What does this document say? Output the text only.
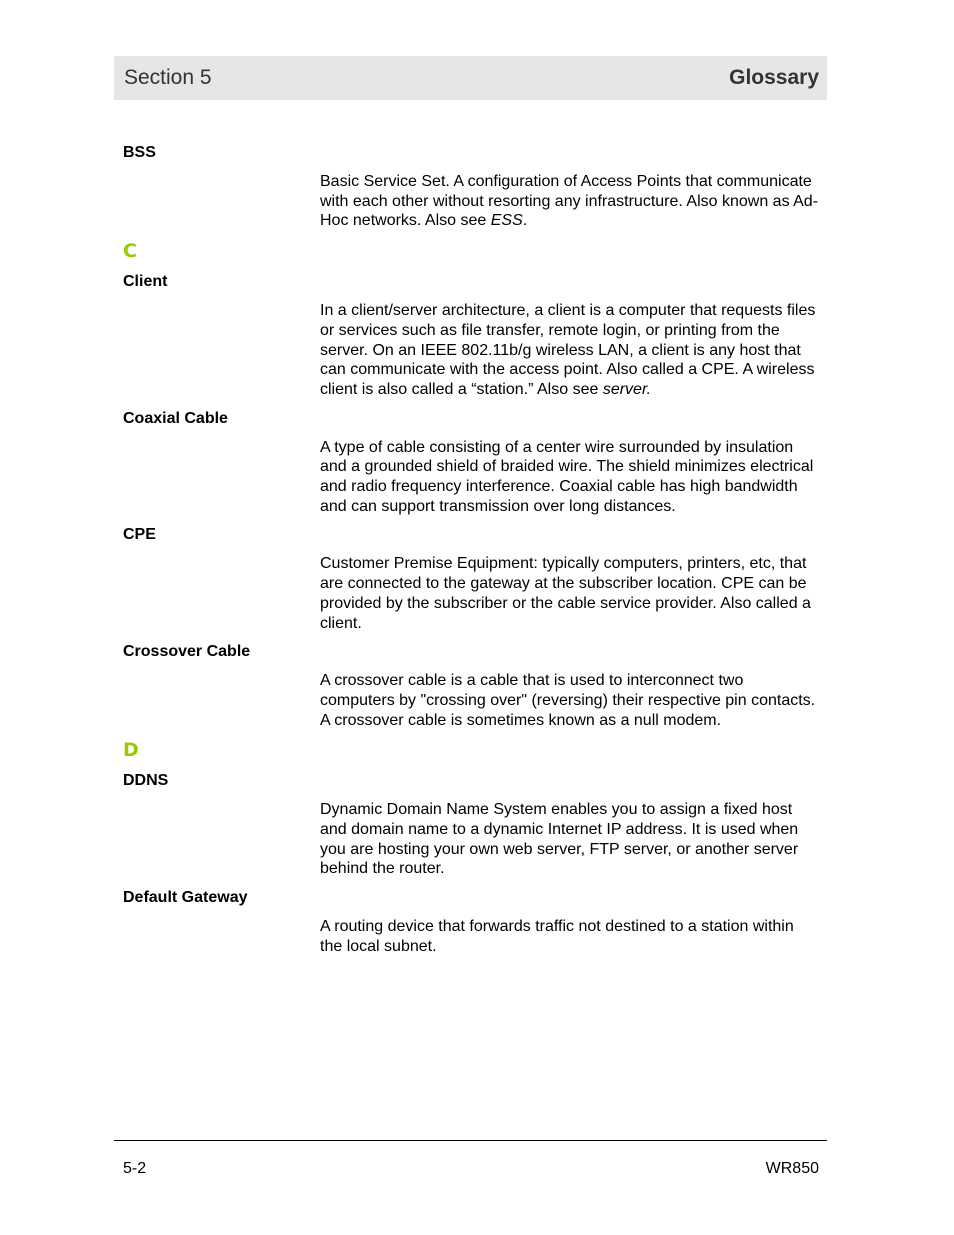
Section 5	Glossary
BSS
Basic Service Set. A configuration of Access Points that communicate with each other without resorting any infrastructure. Also known as Ad-Hoc networks. Also see ESS.
C
Client
In a client/server architecture, a client is a computer that requests files or services such as file transfer, remote login, or printing from the server. On an IEEE 802.11b/g wireless LAN, a client is any host that can communicate with the access point. Also called a CPE. A wireless client is also called a “station.” Also see server.
Coaxial Cable
A type of cable consisting of a center wire surrounded by insulation and a grounded shield of braided wire. The shield minimizes electrical and radio frequency interference. Coaxial cable has high bandwidth and can support transmission over long distances.
CPE
Customer Premise Equipment: typically computers, printers, etc, that are connected to the gateway at the subscriber location. CPE can be provided by the subscriber or the cable service provider. Also called a client.
Crossover Cable
A crossover cable is a cable that is used to interconnect two computers by "crossing over" (reversing) their respective pin contacts. A crossover cable is sometimes known as a null modem.
D
DDNS
Dynamic Domain Name System enables you to assign a fixed host and domain name to a dynamic Internet IP address. It is used when you are hosting your own web server, FTP server, or another server behind the router.
Default Gateway
A routing device that forwards traffic not destined to a station within the local subnet.
5-2	WR850
